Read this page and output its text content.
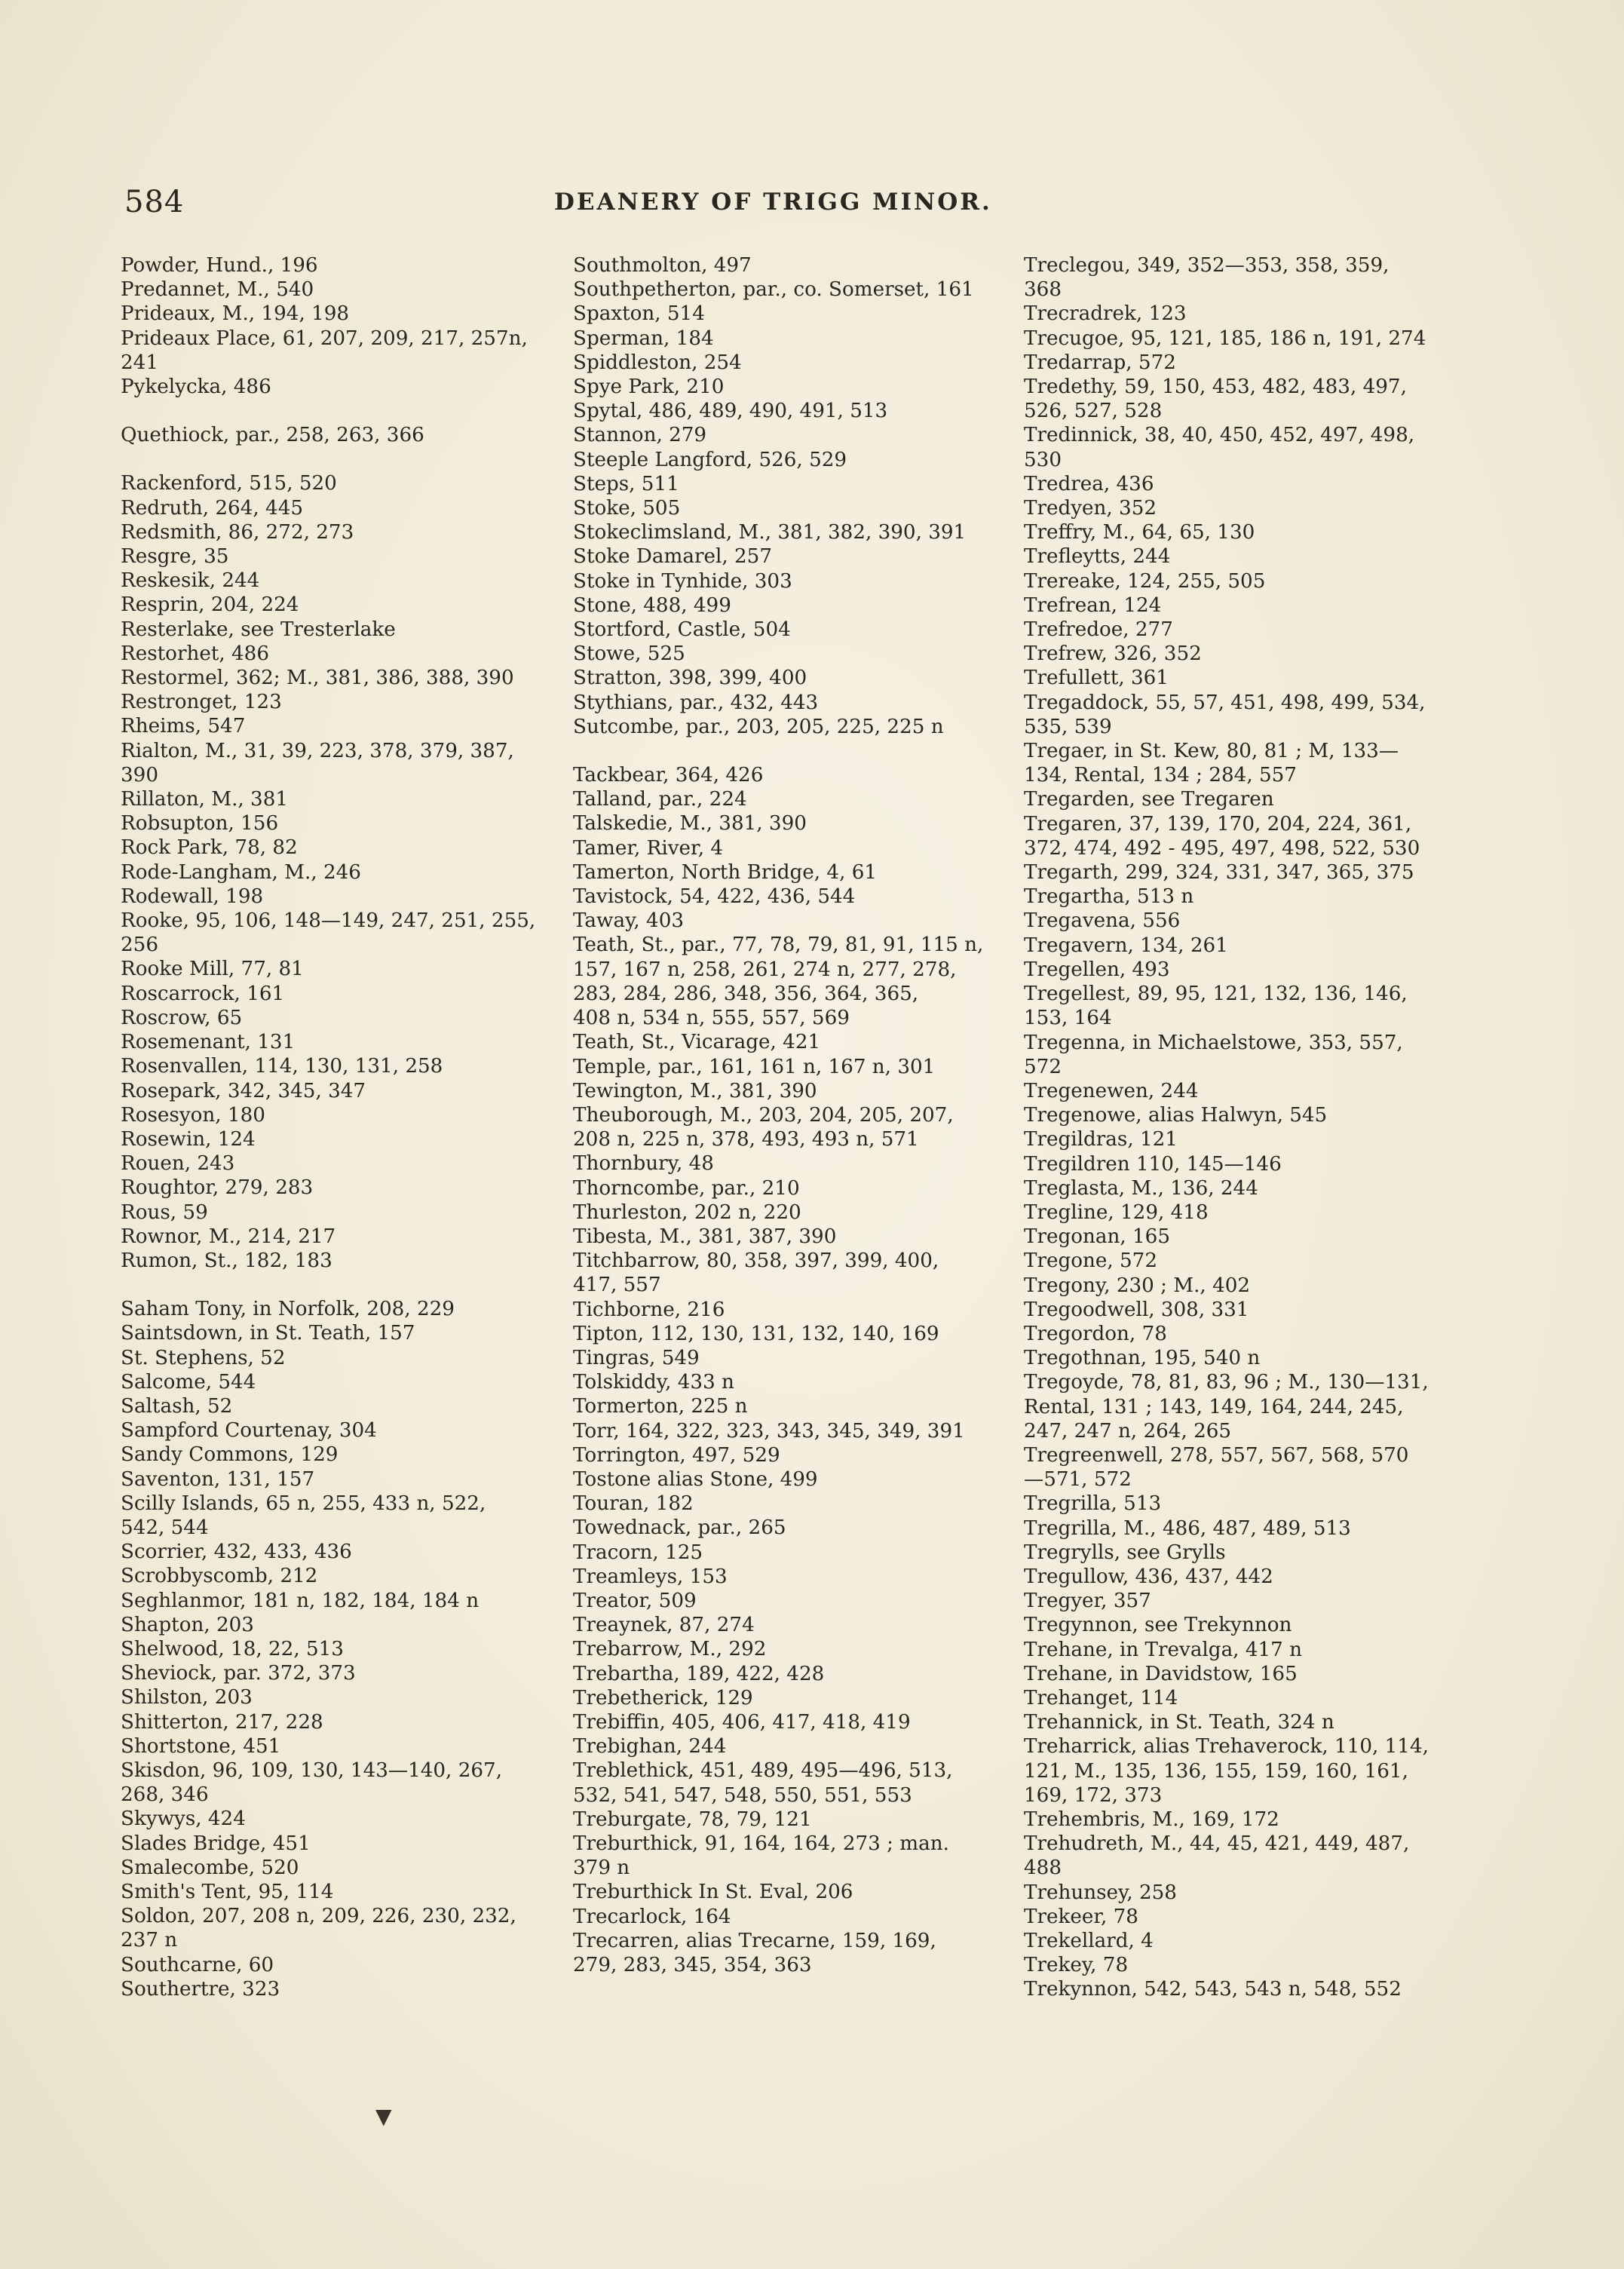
584	DEANERY OF TRIGG MINOR.
Powder, Hund., 196
Predannet, M., 540
Prideaux, M., 194, 198
Prideaux Place, 61, 207, 209, 217, 257n,
241
Pykelycka, 486
Quethiock, par., 258, 263, 366
Rackenford, 515, 520
Redruth, 264, 445
Redsmith, 86, 272, 273
Resgre, 35
Reskesik, 244
Resprin, 204, 224
Resterlake, see Tresterlake
Restorhet, 486
Restormel, 362; M., 381, 386, 388, 390
Restronget, 123
Rheims, 547
Rialton, M., 31, 39, 223, 378, 379, 387,
390
Rillaton, M., 381
Robsupton, 156
Rock Park, 78, 82
Rode-Langham, M., 246
Rodewall, 198
Rooke, 95, 106, 148—149, 247, 251, 255,
256
Rooke Mill, 77, 81
Roscarrock, 161
Roscrow, 65
Rosemenant, 131
Rosenvallen, 114, 130, 131, 258
Rosepark, 342, 345, 347
Rosesyon, 180
Rosewin, 124
Rouen, 243
Roughtor, 279, 283
Rous, 59
Rownor, M., 214, 217
Rumon, St., 182, 183
Saham Tony, in Norfolk, 208, 229
Saintsdown, in St. Teath, 157
St. Stephens, 52
Salcome, 544
Saltash, 52
Sampford Courtenay, 304
Sandy Commons, 129
Saventon, 131, 157
Scilly Islands, 65 n, 255, 433 n, 522,
542, 544
Scorrier, 432, 433, 436
Scrobbyscomb, 212
Seghlanmor, 181 n, 182, 184, 184 n
Shapton, 203
Shelwood, 18, 22, 513
Sheviock, par. 372, 373
Shilston, 203
Shitterton, 217, 228
Shortstone, 451
Skisdon, 96, 109, 130, 143—140, 267,
268, 346
Skywys, 424
Slades Bridge, 451
Smalecombe, 520
Smith's Tent, 95, 114
Soldon, 207, 208 n, 209, 226, 230, 232,
237 n
Southcarne, 60
Southertre, 323
Southmolton, 497
Southpetherton, par., co. Somerset, 161
Spaxton, 514
Sperman, 184
Spiddleston, 254
Spye Park, 210
Spytal, 486, 489, 490, 491, 513
Stannon, 279
Steeple Langford, 526, 529
Steps, 511
Stoke, 505
Stokeclimsland, M., 381, 382, 390, 391
Stoke Damarel, 257
Stoke in Tynhide, 303
Stone, 488, 499
Stortford, Castle, 504
Stowe, 525
Stratton, 398, 399, 400
Stythians, par., 432, 443
Sutcombe, par., 203, 205, 225, 225 n
Tackbear, 364, 426
Talland, par., 224
Talskedie, M., 381, 390
Tamer, River, 4
Tamerton, North Bridge, 4, 61
Tavistock, 54, 422, 436, 544
Taway, 403
Teath, St., par., 77, 78, 79, 81, 91, 115 n,
157, 167 n, 258, 261, 274 n, 277, 278,
283, 284, 286, 348, 356, 364, 365,
408 n, 534 n, 555, 557, 569
Teath, St., Vicarage, 421
Temple, par., 161, 161 n, 167 n, 301
Tewington, M., 381, 390
Theuborough, M., 203, 204, 205, 207,
208 n, 225 n, 378, 493, 493 n, 571
Thornbury, 48
Thorncombe, par., 210
Thurleston, 202 n, 220
Tibesta, M., 381, 387, 390
Titchbarrow, 80, 358, 397, 399, 400,
417, 557
Tichborne, 216
Tipton, 112, 130, 131, 132, 140, 169
Tingras, 549
Tolskiddy, 433 n
Tormerton, 225 n
Torr, 164, 322, 323, 343, 345, 349, 391
Torrington, 497, 529
Tostone alias Stone, 499
Touran, 182
Towednack, par., 265
Tracorn, 125
Treamleys, 153
Treator, 509
Treaynek, 87, 274
Trebarrow, M., 292
Trebartha, 189, 422, 428
Trebetherick, 129
Trebiffin, 405, 406, 417, 418, 419
Trebighan, 244
Treblethick, 451, 489, 495—496, 513,
532, 541, 547, 548, 550, 551, 553
Treburgate, 78, 79, 121
Treburthick, 91, 164, 164, 273 ; man.
379 n
Treburthick In St. Eval, 206
Trecarlock, 164
Trecarren, alias Trecarne, 159, 169,
279, 283, 345, 354, 363
Treclegou, 349, 352—353, 358, 359,
368
Trecradrek, 123
Trecugoe, 95, 121, 185, 186 n, 191, 274
Tredarrap, 572
Tredethy, 59, 150, 453, 482, 483, 497,
526, 527, 528
Tredinnick, 38, 40, 450, 452, 497, 498,
530
Tredrea, 436
Tredyen, 352
Treffry, M., 64, 65, 130
Trefleytts, 244
Trereake, 124, 255, 505
Trefrean, 124
Trefredoe, 277
Trefrew, 326, 352
Trefullett, 361
Tregaddock, 55, 57, 451, 498, 499, 534,
535, 539
Tregaer, in St. Kew, 80, 81 ; M, 133—
134, Rental, 134 ; 284, 557
Tregarden, see Tregaren
Tregaren, 37, 139, 170, 204, 224, 361,
372, 474, 492 - 495, 497, 498, 522, 530
Tregarth, 299, 324, 331, 347, 365, 375
Tregartha, 513 n
Tregavena, 556
Tregavern, 134, 261
Tregellen, 493
Tregellest, 89, 95, 121, 132, 136, 146,
153, 164
Tregenna, in Michaelstowe, 353, 557,
572
Tregenewen, 244
Tregenowe, alias Halwyn, 545
Tregildras, 121
Tregildren 110, 145—146
Treglasta, M., 136, 244
Tregline, 129, 418
Tregonan, 165
Tregone, 572
Tregony, 230 ; M., 402
Tregoodwell, 308, 331
Tregordon, 78
Tregothnan, 195, 540 n
Tregoyde, 78, 81, 83, 96 ; M., 130—131,
Rental, 131 ; 143, 149, 164, 244, 245,
247, 247 n, 264, 265
Tregreenwell, 278, 557, 567, 568, 570
—571, 572
Tregrilla, 513
Tregrilla, M., 486, 487, 489, 513
Tregrylls, see Grylls
Tregullow, 436, 437, 442
Tregyer, 357
Tregynnon, see Trekynnon
Trehane, in Trevalga, 417 n
Trehane, in Davidstow, 165
Trehanget, 114
Trehannick, in St. Teath, 324 n
Treharrick, alias Trehaverock, 110, 114,
121, M., 135, 136, 155, 159, 160, 161,
169, 172, 373
Trehembris, M., 169, 172
Trehudreth, M., 44, 45, 421, 449, 487,
488
Trehunsey, 258
Trekeer, 78
Trekellard, 4
Trekey, 78
Trekynnon, 542, 543, 543 n, 548, 552
▼
